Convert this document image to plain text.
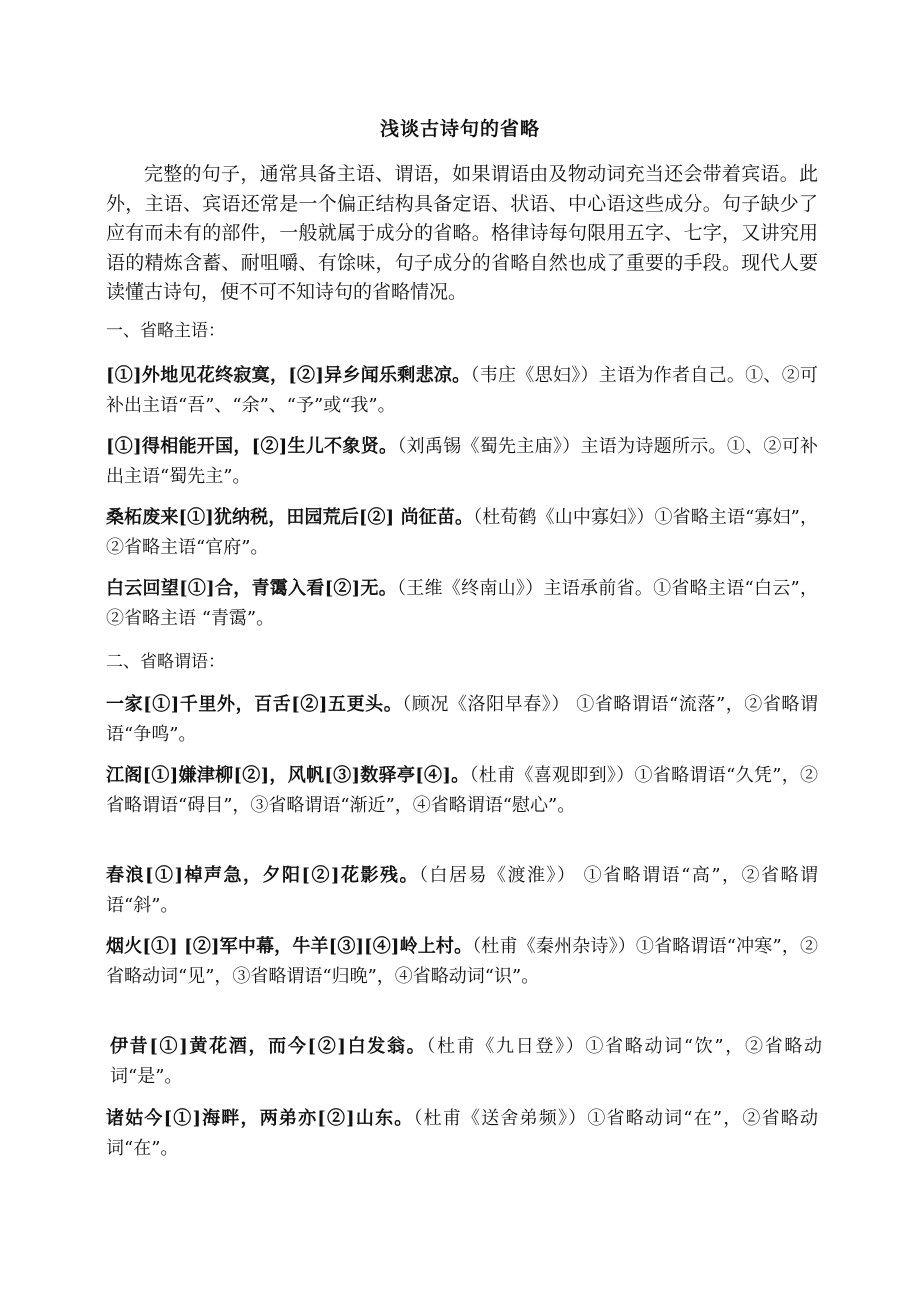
浅谈古诗句的省略

完整的句子，通常具备主语、谓语，如果谓语由及物动词充当还会带着宾语。此外，主语、宾语还常是一个偏正结构具备定语、状语、中心语这些成分。句子缺少了应有而未有的部件，一般就属于成分的省略。格律诗每句限用五字、七字，又讲究用语的精炼含蓄、耐咀嚼、有馀味，句子成分的省略自然也成了重要的手段。现代人要读懂古诗句，便不可不知诗句的省略情况。

一、省略主语：

[①]外地见花终寂寞，[②]异乡闻乐剩悲凉。（韦庄《思妇》）主语为作者自己。①、②可补出主语“吾”、“余”、“予”或“我”。

[①]得相能开国，[②]生儿不象贤。（刘禹锡《蜀先主庙》）主语为诗题所示。①、②可补出主语“蜀先主”。

桑柘废来[①]犹纳税，田园荒后[②] 尚征苗。（杜荀鹤《山中寡妇》）①省略主语“寡妇”，②省略主语“官府”。

白云回望[①]合，青霭入看[②]无。（王维《终南山》）主语承前省。①省略主语“白云”，②省略主语 “青霭”。

二、省略谓语：

一家[①]千里外，百舌[②]五更头。（顾况《洛阳早春》） ①省略谓语“流落”，②省略谓语“争鸣”。

江阁[①]嫌津柳[②]，风帆[③]数驿亭[④]。（杜甫《喜观即到》）①省略谓语“久凭”，②省略谓语“碍目”，③省略谓语“渐近”，④省略谓语“慰心”。

春浪[①]棹声急，夕阳[②]花影残。（白居易《渡淮》） ①省略谓语“高”，②省略谓语“斜”。

烟火[①] [②]军中幕，牛羊[③][④]岭上村。（杜甫《秦州杂诗》）①省略谓语“冲寒”，②省略动词“见”，③省略谓语“归晚”，④省略动词“识”。

伊昔[①]黄花酒，而今[②]白发翁。（杜甫《九日登》）①省略动词“饮”，②省略动词“是”。

诸姑今[①]海畔，两弟亦[②]山东。（杜甫《送舍弟频》）①省略动词“在”，②省略动词“在”。
